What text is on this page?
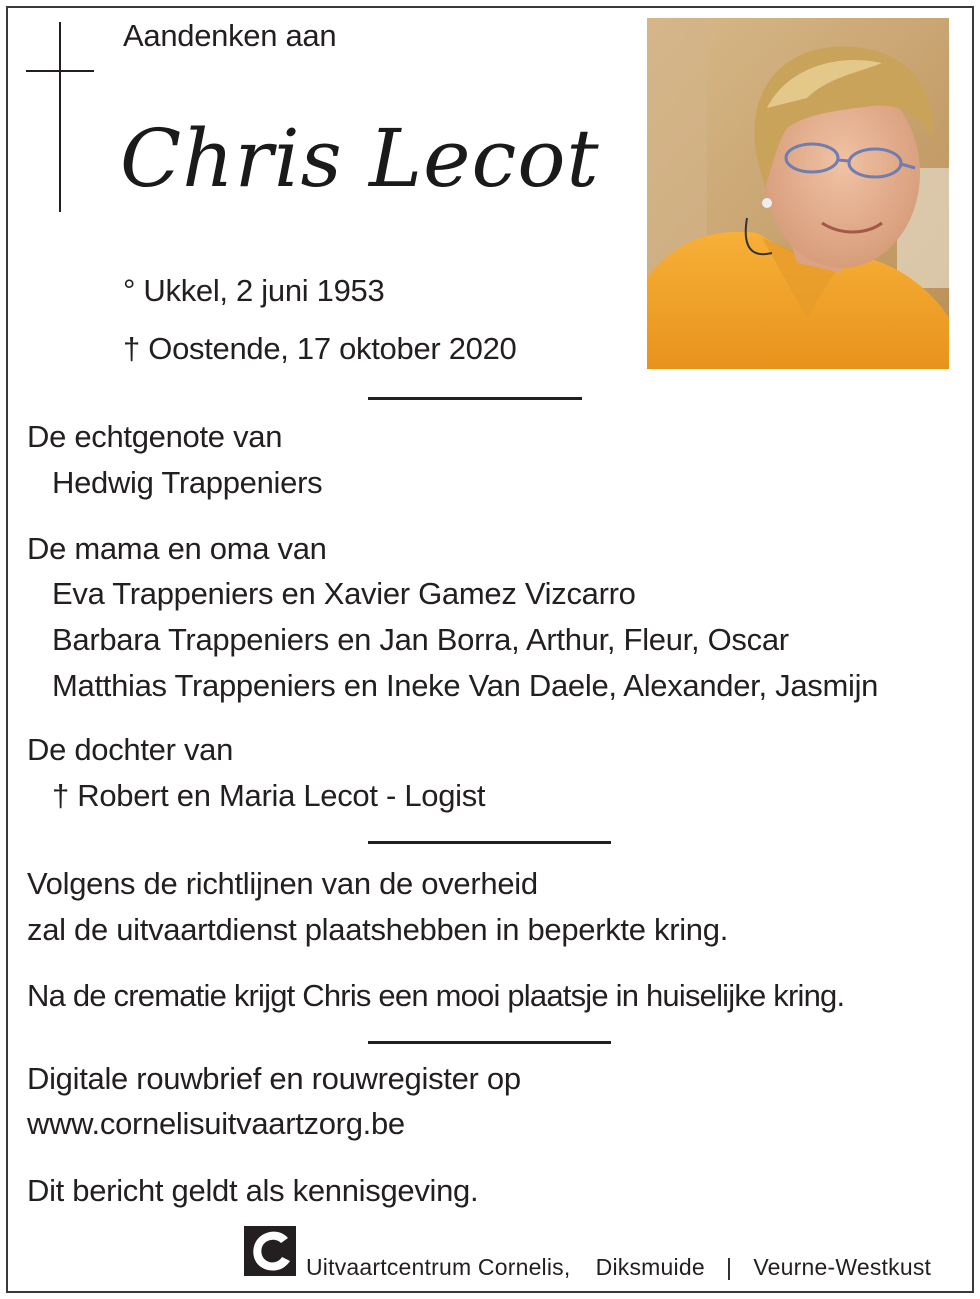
Aandenken aan
Chris Lecot
° Ukkel, 2 juni 1953
† Oostende, 17 oktober 2020
De echtgenote van
Hedwig Trappeniers
De mama en oma van
Eva Trappeniers en Xavier Gamez Vizcarro
Barbara Trappeniers en Jan Borra, Arthur, Fleur, Oscar
Matthias Trappeniers en Ineke Van Daele, Alexander, Jasmijn
De dochter van
† Robert en Maria Lecot - Logist
Volgens de richtlijnen van de overheid
zal de uitvaartdienst plaatshebben in beperkte kring.
Na de crematie krijgt Chris een mooi plaatsje in huiselijke kring.
Digitale rouwbrief en rouwregister op
www.cornelisuitvaartzorg.be
Dit bericht geldt als kennisgeving.
Uitvaartcentrum Cornelis, Diksmuide | Veurne-Westkust
